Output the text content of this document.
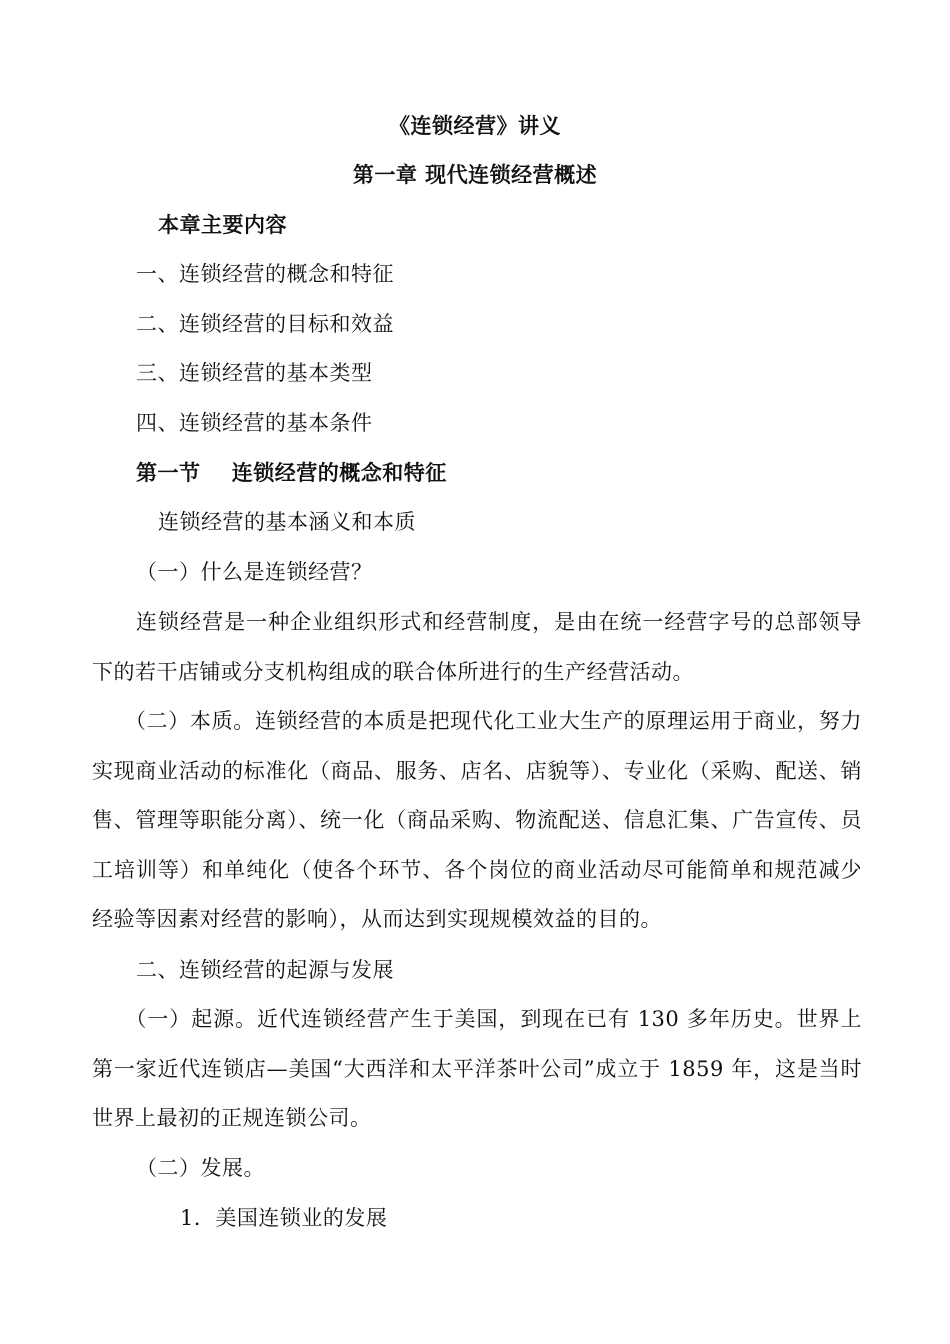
《连锁经营》讲义

第一章 现代连锁经营概述

本章主要内容

一、连锁经营的概念和特征

二、连锁经营的目标和效益

三、连锁经营的基本类型

四、连锁经营的基本条件

第一节    连锁经营的概念和特征

连锁经营的基本涵义和本质

（一）什么是连锁经营？

　　连锁经营是一种企业组织形式和经营制度，是由在统一经营字号的总部领导下的若干店铺或分支机构组成的联合体所进行的生产经营活动。

　　（二）本质。连锁经营的本质是把现代化工业大生产的原理运用于商业，努力实现商业活动的标准化（商品、服务、店名、店貌等）、专业化（采购、配送、销售、管理等职能分离）、统一化（商品采购、物流配送、信息汇集、广告宣传、员工培训等）和单纯化（使各个环节、各个岗位的商业活动尽可能简单和规范减少经验等因素对经营的影响），从而达到实现规模效益的目的。

二、连锁经营的起源与发展

　　（一）起源。近代连锁经营产生于美国，到现在已有 130 多年历史。世界上第一家近代连锁店—美国“大西洋和太平洋茶叶公司”成立于 1859 年，这是当时世界上最初的正规连锁公司。

（二）发展。

1．美国连锁业的发展
